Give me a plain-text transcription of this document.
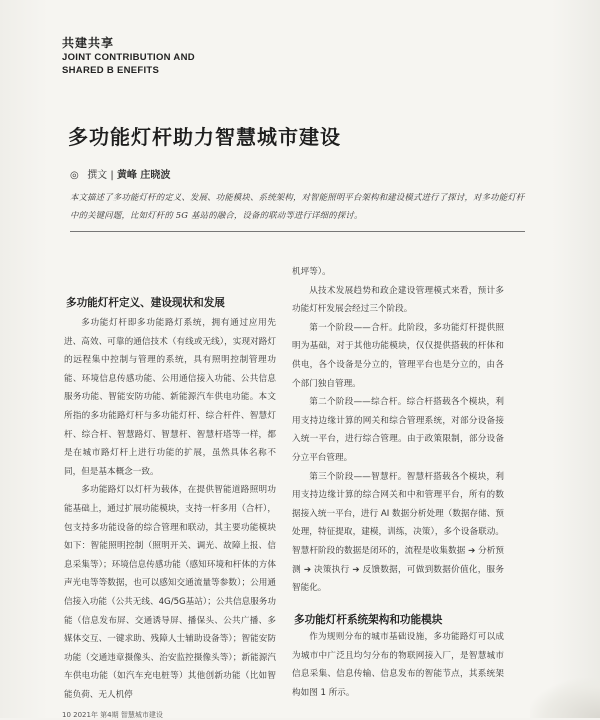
共建共享
JOINT CONTRIBUTION AND
SHARED B ENEFITS
多功能灯杆助力智慧城市建设
◎ 撰文 | 黄峰 庄晓波
本文描述了多功能灯杆的定义、发展、功能模块、系统架构，对智能照明平台架构和建设模式进行了探讨，对多功能灯杆中的关键问题，比如灯杆的 5G 基站的融合，设备的联动等进行详细的探讨。
多功能灯杆定义、建设现状和发展

多功能灯杆即多功能路灯系统，拥有通过应用先进、高效、可靠的通信技术（有线或无线），实现对路灯的远程集中控制与管理的系统，具有照明控制管理功能、环境信息传感功能、公用通信接入功能、公共信息服务功能、智能安防功能、新能源汽车供电功能。本文所指的多功能路灯杆与多功能灯杆、综合杆件、智慧灯杆、综合杆、智慧路灯、智慧杆、智慧杆塔等一样，都是在城市路灯杆上进行功能的扩展，虽然具体名称不同，但是基本概念一致。

多功能路灯以灯杆为载体，在提供智能道路照明功能基础上，通过扩展功能模块，支持一杆多用（合杆），包支持多功能设备的综合管理和联动，其主要功能模块如下：智能照明控制（照明开关、调光、故障上报、信息采集等）；环境信息传感功能（感知环境和杆体的方体声光电等等数据，也可以感知交通流量等参数）；公用通信接入功能（公共无线、4G/5G基站）；公共信息服务功能（信息发布屏、交通诱导屏、播保头、公共广播、多媒体交互、一键求助、残障人士辅助设备等）；智能安防功能（交通违章摄像头、治安监控摄像头等）；新能源汽车供电功能（如汽车充电桩等）其他创新功能（比如智能负荷、无人机停

机坪等）。

从技术发展趋势和政企建设管理模式来看，预计多功能灯杆发展会经过三个阶段。

第一个阶段——合杆。此阶段，多功能灯杆提供照明为基础，对于其他功能模块，仅仅提供搭载的杆体和供电，各个设备是分立的，管理平台也是分立的，由各个部门独自管理。

第二个阶段——综合杆。综合杆搭载各个模块，利用支持边缘计算的网关和综合管理系统，对部分设备接入统一平台，进行综合管理。由于政策限制，部分设备分立平台管理。

第三个阶段——智慧杆。智慧杆搭载各个模块，利用支持边缘计算的综合网关和中和管理平台，所有的数据接入统一平台，进行 AI 数据分析处理（数据存储、预处理，特征提取，建模，训练，决策），多个设备联动。智慧杆阶段的数据是闭环的，流程是收集数据 ➔ 分析预测 ➔ 决策执行 ➔ 反馈数据，可做到数据价值化，服务智能化。

多功能灯杆系统架构和功能模块

作为规则分布的城市基础设施，多功能路灯可以成为城市中广泛且均匀分布的物联网接入厂，是智慧城市信息采集、信息传输、信息发布的智能节点，其系统架构如图 1 所示。

10 2021年 第4期 智慧城市建设
